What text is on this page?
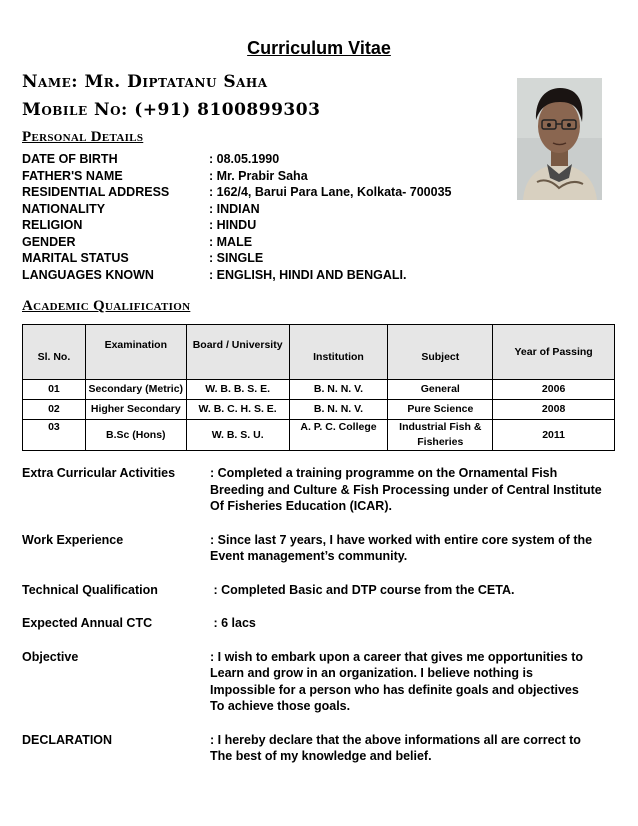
Curriculum Vitae
Name: Mr. Diptatanu Saha
Mobile No: (+91) 8100899303
Personal Details
DATE OF BIRTH	: 08.05.1990
FATHER'S NAME	: Mr. Prabir Saha
RESIDENTIAL ADDRESS	: 162/4, Barui Para Lane, Kolkata- 700035
NATIONALITY	: INDIAN
RELIGION	: HINDU
GENDER	: MALE
MARITAL STATUS	: SINGLE
LANGUAGES KNOWN	: ENGLISH, HINDI AND BENGALI.
Academic Qualification
Sl. No.	Examination	Board / University	Institution	Subject	Year of Passing
01	Secondary (Metric)	W. B. B. S. E.	B. N. N. V.	General	2006
02	Higher Secondary	W. B. C. H. S. E.	B. N. N. V.	Pure Science	2008
03	B.Sc (Hons)	W. B. S. U.	A. P. C. College	Industrial Fish & Fisheries	2011
Extra Curricular Activities	: Completed a training programme on the Ornamental Fish
Breeding and Culture & Fish Processing under of Central Institute
Of Fisheries Education (ICAR).
Work Experience	: Since last 7 years, I have worked with entire core system of the
Event management’s community.
Technical Qualification	: Completed Basic and DTP course from the CETA.
Expected Annual CTC	: 6 lacs
Objective	: I wish to embark upon a career that gives me opportunities to
Learn and grow in an organization. I believe nothing is
Impossible for a person who has definite goals and objectives
To achieve those goals.
DECLARATION	: I hereby declare that the above informations all are correct to
The best of my knowledge and belief.
